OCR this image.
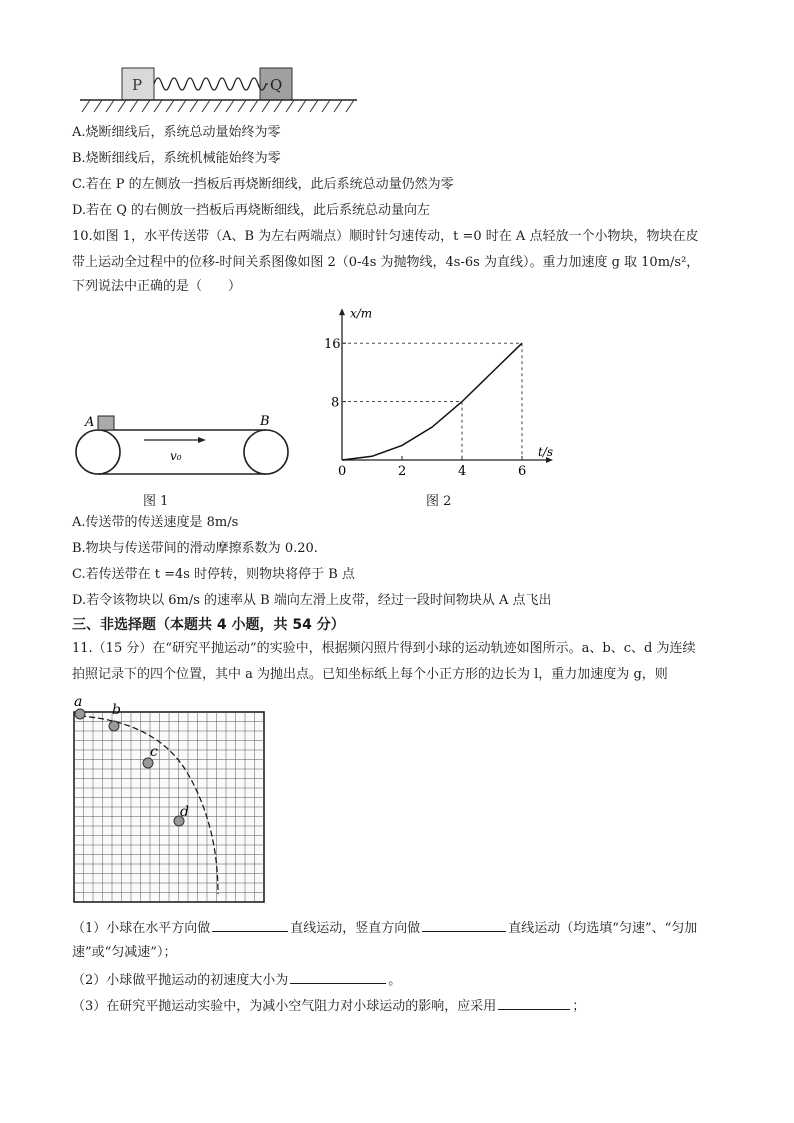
P	Q
A.烧断细线后，系统总动量始终为零
B.烧断细线后，系统机械能始终为零
C.若在 P 的左侧放一挡板后再烧断细线，此后系统总动量仍然为零
D.若在 Q 的右侧放一挡板后再烧断细线，此后系统总动量向左
10.如图 1，水平传送带（A、B 为左右两端点）顺时针匀速传动，t =0 时在 A 点轻放一个小物块，物块在皮
带上运动全过程中的位移-时间关系图像如图 2（0-4s 为抛物线，4s-6s 为直线）。重力加速度 g 取 10m/s²，
下列说法中正确的是（　　）
A	B
v₀
图 1
x/m
t/s
0	2	4	6
8
16
图 2
A.传送带的传送速度是 8m/s
B.物块与传送带间的滑动摩擦系数为 0.20.
C.若传送带在 t =4s 时停转，则物块将停于 B 点
D.若令该物块以 6m/s 的速率从 B 端向左滑上皮带，经过一段时间物块从 A 点飞出
三、非选择题（本题共 4 小题，共 54 分）
11.（15 分）在“研究平抛运动”的实验中，根据频闪照片得到小球的运动轨迹如图所示。a、b、c、d 为连续
拍照记录下的四个位置，其中 a 为抛出点。已知坐标纸上每个小正方形的边长为 l，重力加速度为 g，则
a b
c
d
（1）小球在水平方向做	直线运动，竖直方向做	直线运动（均选填“匀速”、“匀加
速”或“匀减速”）；
（2）小球做平抛运动的初速度大小为	。
（3）在研究平抛运动实验中，为减小空气阻力对小球运动的影响，应采用	；
